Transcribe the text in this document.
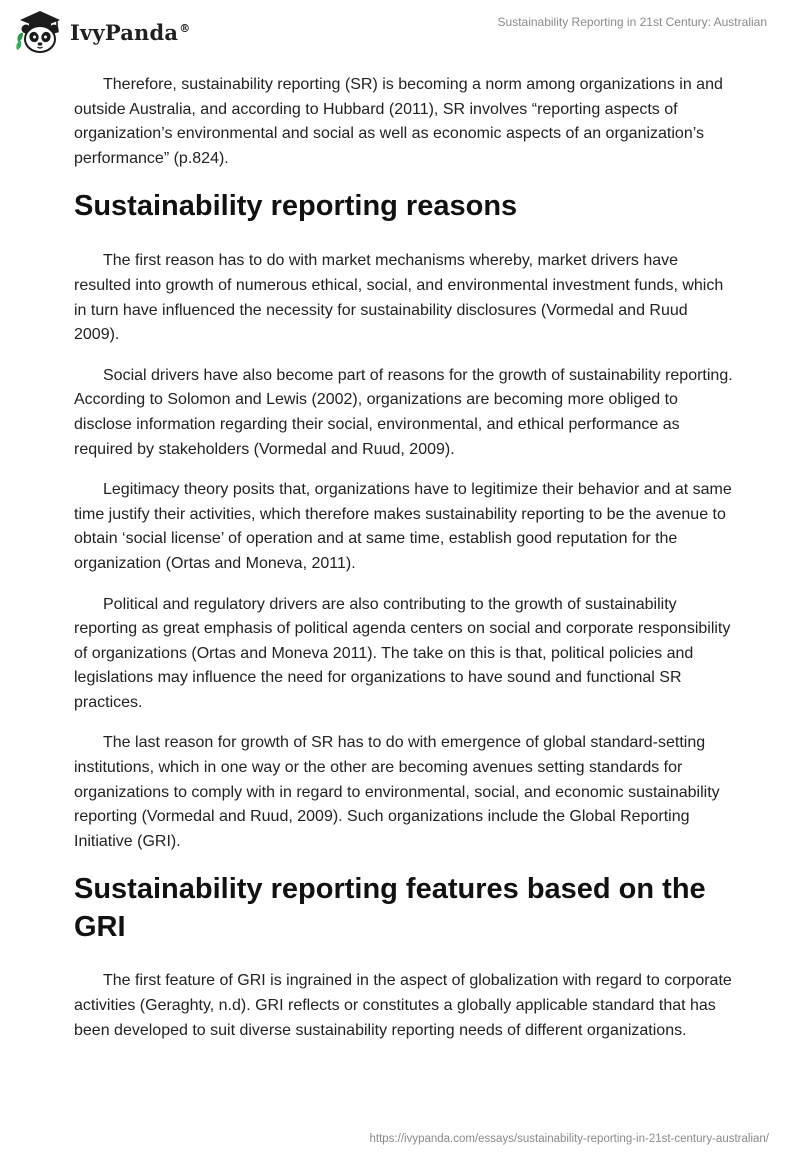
IvyPanda®	Sustainability Reporting in 21st Century: Australian

Therefore, sustainability reporting (SR) is becoming a norm among organizations in and outside Australia, and according to Hubbard (2011), SR involves “reporting aspects of organization’s environmental and social as well as economic aspects of an organization’s performance” (p.824).

Sustainability reporting reasons

The first reason has to do with market mechanisms whereby, market drivers have resulted into growth of numerous ethical, social, and environmental investment funds, which in turn have influenced the necessity for sustainability disclosures (Vormedal and Ruud 2009).

Social drivers have also become part of reasons for the growth of sustainability reporting. According to Solomon and Lewis (2002), organizations are becoming more obliged to disclose information regarding their social, environmental, and ethical performance as required by stakeholders (Vormedal and Ruud, 2009).

Legitimacy theory posits that, organizations have to legitimize their behavior and at same time justify their activities, which therefore makes sustainability reporting to be the avenue to obtain ‘social license’ of operation and at same time, establish good reputation for the organization (Ortas and Moneva, 2011).

Political and regulatory drivers are also contributing to the growth of sustainability reporting as great emphasis of political agenda centers on social and corporate responsibility of organizations (Ortas and Moneva 2011). The take on this is that, political policies and legislations may influence the need for organizations to have sound and functional SR practices.

The last reason for growth of SR has to do with emergence of global standard-setting institutions, which in one way or the other are becoming avenues setting standards for organizations to comply with in regard to environmental, social, and economic sustainability reporting (Vormedal and Ruud, 2009). Such organizations include the Global Reporting Initiative (GRI).

Sustainability reporting features based on the GRI

The first feature of GRI is ingrained in the aspect of globalization with regard to corporate activities (Geraghty, n.d). GRI reflects or constitutes a globally applicable standard that has been developed to suit diverse sustainability reporting needs of different organizations.

https://ivypanda.com/essays/sustainability-reporting-in-21st-century-australian/
